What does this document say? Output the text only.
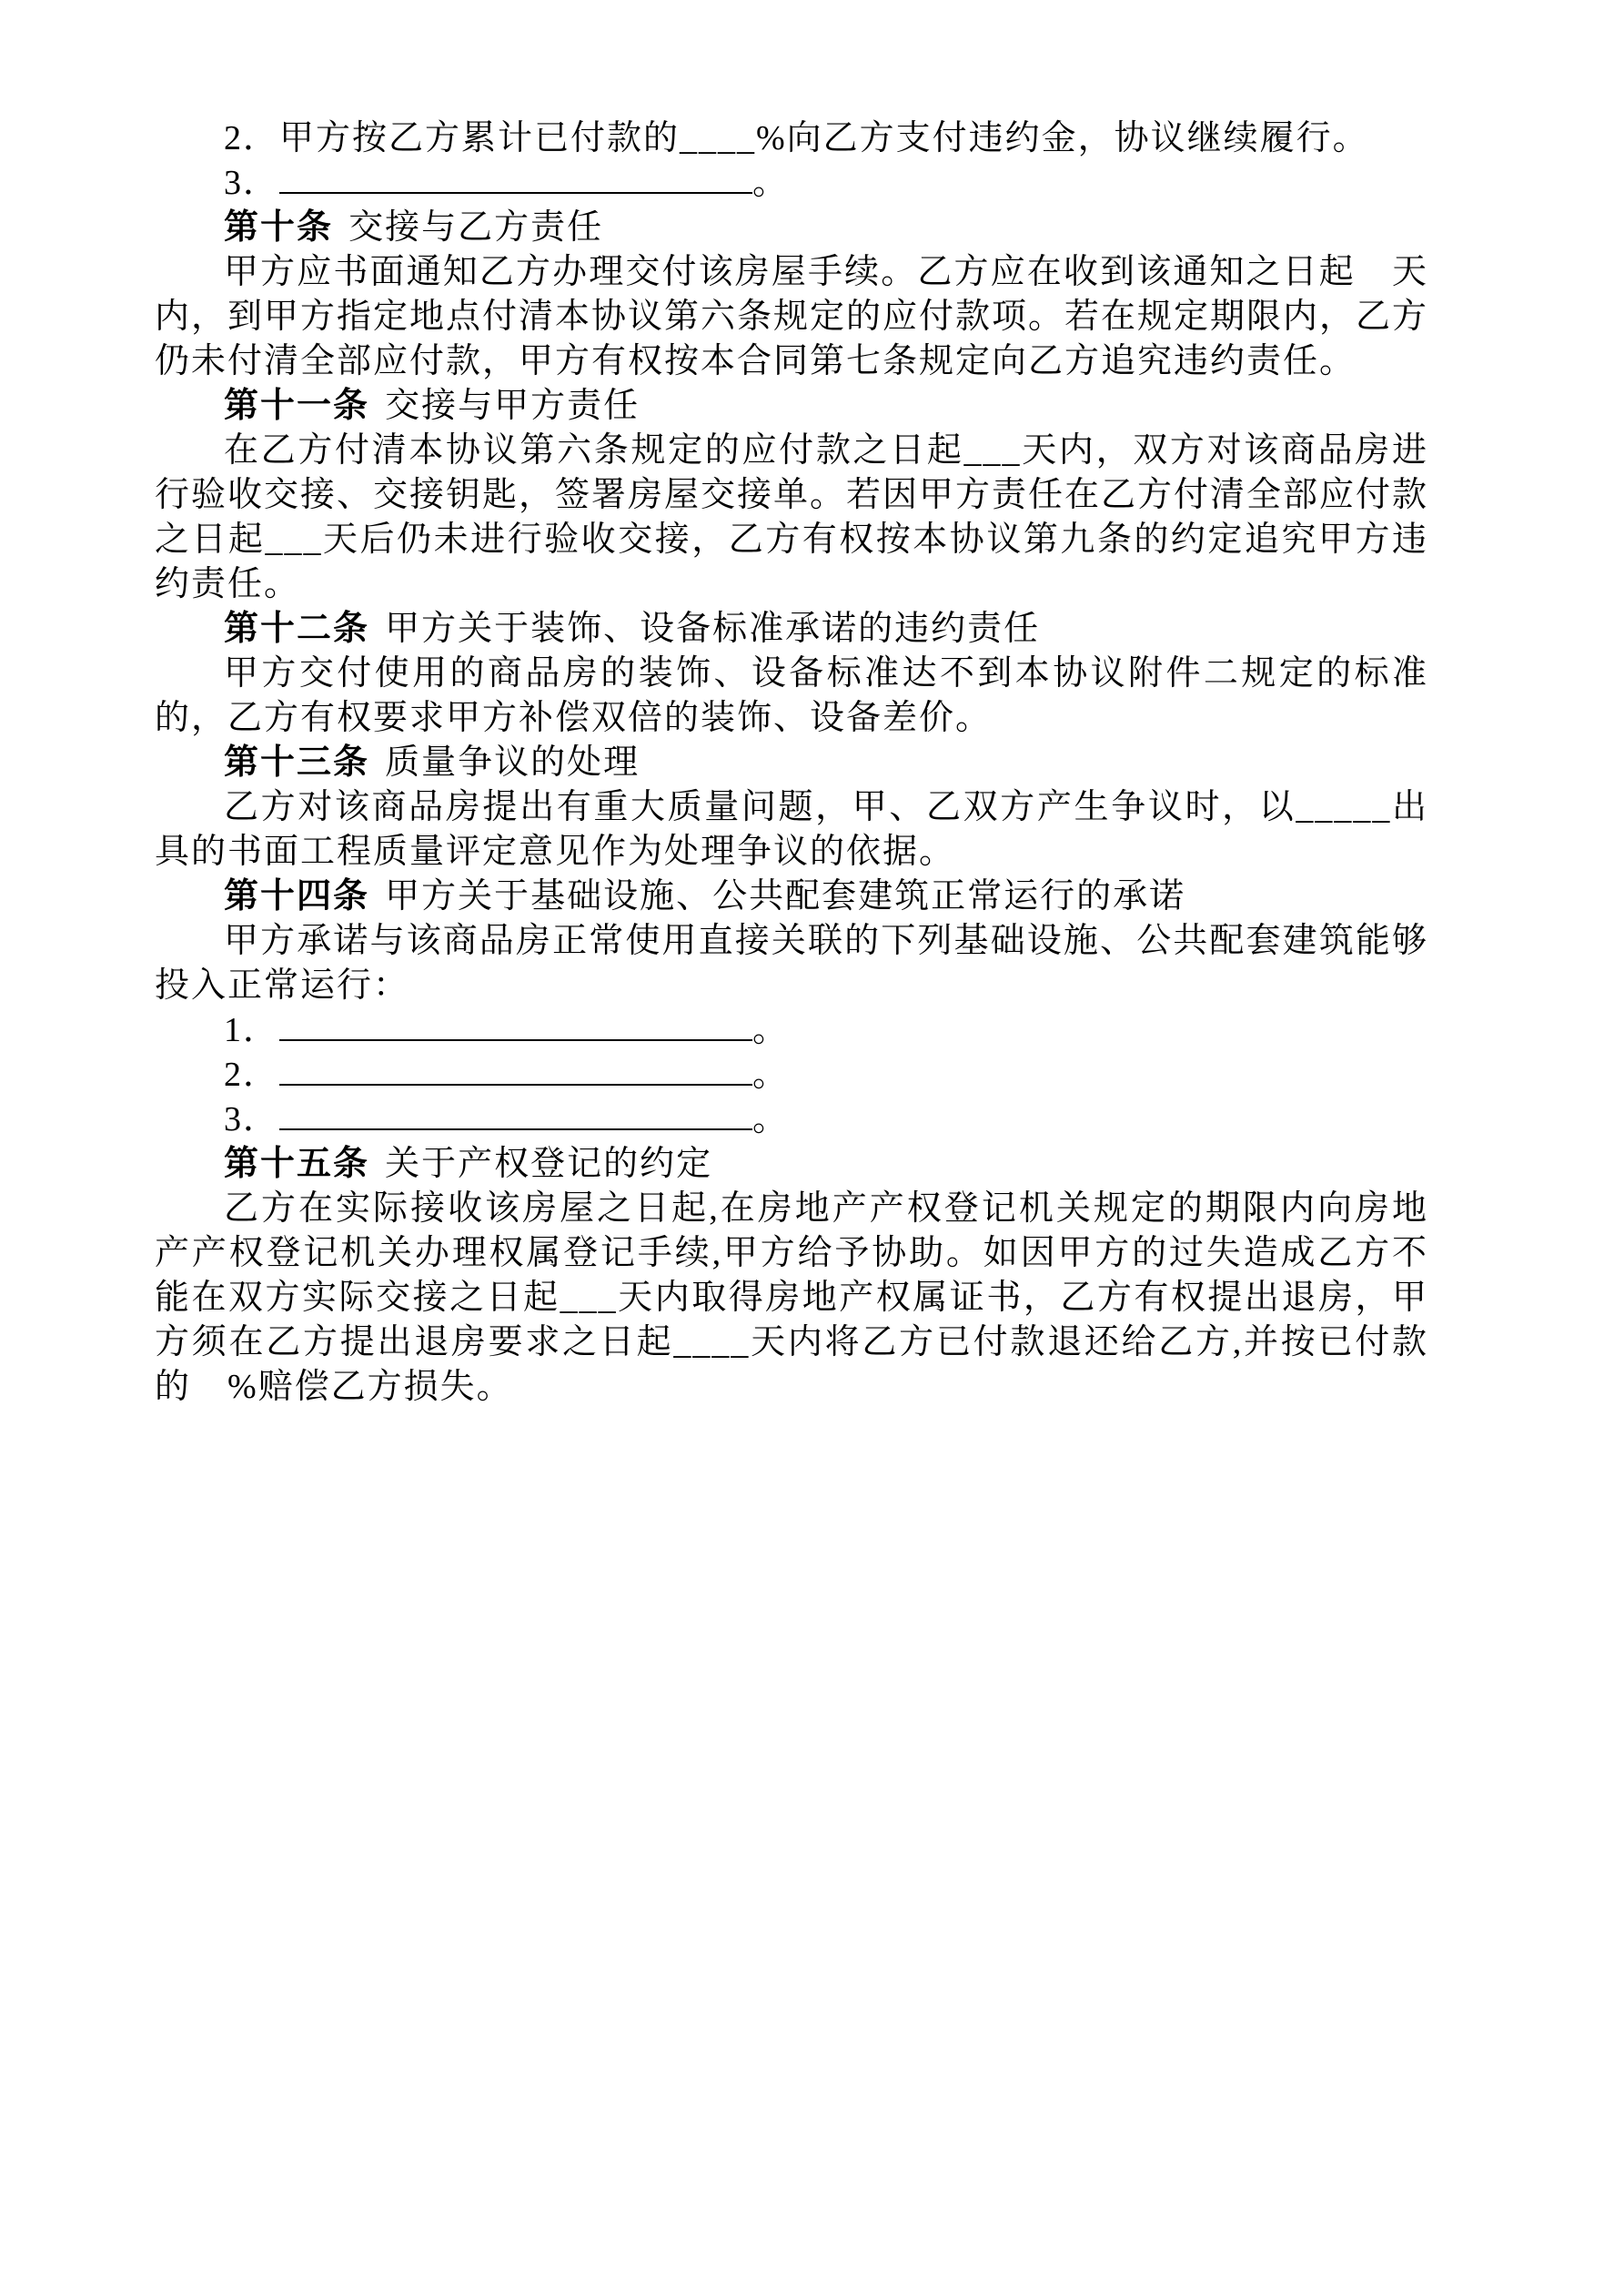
2．甲方按乙方累计已付款的____%向乙方支付违约金，协议继续履行。

3．	。

第十条 交接与乙方责任

甲方应书面通知乙方办理交付该房屋手续。乙方应在收到该通知之日起　天内，到甲方指定地点付清本协议第六条规定的应付款项。若在规定期限内，乙方仍未付清全部应付款，甲方有权按本合同第七条规定向乙方追究违约责任。

第十一条 交接与甲方责任

在乙方付清本协议第六条规定的应付款之日起___天内，双方对该商品房进行验收交接、交接钥匙，签署房屋交接单。若因甲方责任在乙方付清全部应付款之日起___天后仍未进行验收交接，乙方有权按本协议第九条的约定追究甲方违约责任。

第十二条 甲方关于装饰、设备标准承诺的违约责任

甲方交付使用的商品房的装饰、设备标准达不到本协议附件二规定的标准的，乙方有权要求甲方补偿双倍的装饰、设备差价。

第十三条 质量争议的处理

乙方对该商品房提出有重大质量问题，甲、乙双方产生争议时，以_____出具的书面工程质量评定意见作为处理争议的依据。

第十四条 甲方关于基础设施、公共配套建筑正常运行的承诺

甲方承诺与该商品房正常使用直接关联的下列基础设施、公共配套建筑能够投入正常运行：

1．	。

2．	。

3．	。

第十五条 关于产权登记的约定

乙方在实际接收该房屋之日起,在房地产产权登记机关规定的期限内向房地产产权登记机关办理权属登记手续,甲方给予协助。如因甲方的过失造成乙方不能在双方实际交接之日起___天内取得房地产权属证书，乙方有权提出退房，甲方须在乙方提出退房要求之日起____天内将乙方已付款退还给乙方,并按已付款的　%赔偿乙方损失。
